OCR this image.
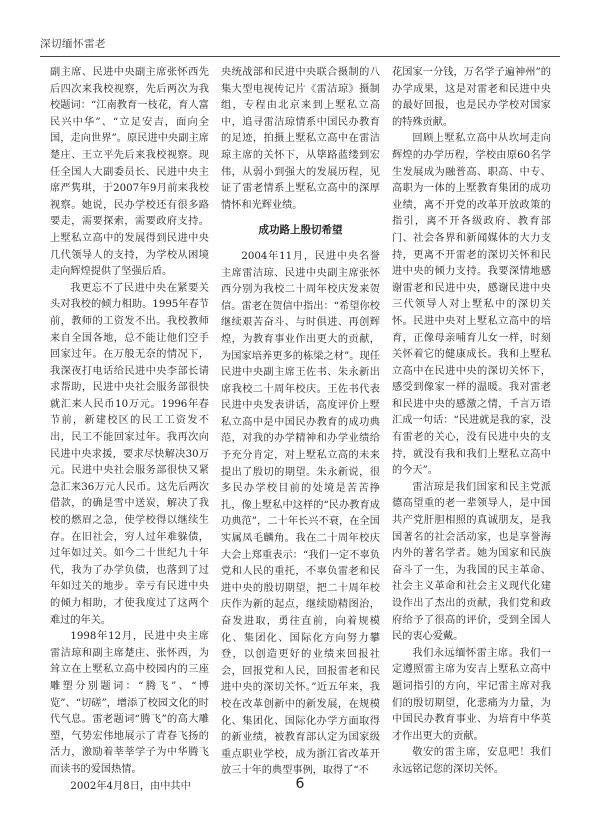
深切缅怀雷老

副主席、民进中央副主席张怀西先后四次来我校视察，先后两次为我校题词：“江南教育一枝花，育人富民兴中华”、“立足安吉，面向全国，走向世界”。原民进中央副主席楚庄、王立平先后来我校视察。现任全国人大副委员长、民进中央主席严隽琪，于2007年9月前来我校视察。她说，民办学校还有很多路要走，需要探索，需要政府支持。上墅私立高中的发展得到民进中央几代领导人的支持，为学校从困境走向辉煌提供了坚强后盾。

我更忘不了民进中央在紧要关头对我校的倾力相助。1995年春节前，教师的工资发不出。我校教师来自全国各地，总不能让他们空手回家过年。在万般无奈的情况下，我深夜打电话给民进中央李部长请求帮助，民进中央社会服务部很快就汇来人民币10万元。1996年春节前，新建校区的民工工资发不出，民工不能回家过年。我再次向民进中央求援，要求尽快解决30万元。民进中央社会服务部很快又紧急汇来36万元人民币。这先后两次借款，的确是雪中送炭，解决了我校的燃眉之急，使学校得以继续生存。在旧社会，穷人过年难躲债，过年如过关。如今二十世纪九十年代，我为了办学负债，也落到了过年如过关的地步。幸亏有民进中央的倾力相助，才使我度过了这两个难过的年关。

1998年12月，民进中央主席雷洁琼和副主席楚庄、张怀西，为耸立在上墅私立高中校园内的三座雕塑分别题词：“腾飞”、“博览”、“切磋”，增添了校园文化的时代气息。雷老题词“腾飞”的高大雕塑，气势宏伟地展示了青春飞扬的活力，激励着莘莘学子为中华腾飞而读书的爱国热情。

2002年4月8日，由中共中

央统战部和民进中央联合摄制的八集大型电视传记片《雷洁琼》摄制组，专程由北京来到上墅私立高中，追寻雷洁琼情系中国民办教育的足迹，拍摄上墅私立高中在雷洁琼主席的关怀下，从筚路蓝缕到宏伟，从弱小到强大的发展历程，见证了雷老情系上墅私立高中的深厚情怀和光辉业绩。

成功路上殷切希望

2004年11月，民进中央名誉主席雷洁琼、民进中央副主席张怀西分别为我校二十周年校庆发来贺信。雷老在贺信中指出：“希望你校继续艰苦奋斗、与时俱进、再创辉煌，为教育事业作出更大的贡献，为国家培养更多的栋梁之材”。现任民进中央副主席王佐书、朱永新出席我校二十周年校庆。王佐书代表民进中央发表讲话，高度评价上墅私立高中是中国民办教育的成功典范，对我的办学精神和办学业绩给予充分肯定，对上墅私立高的未来提出了殷切的期望。朱永新说，很多民办学校目前的处境是苦苦挣扎，像上墅私中这样的“民办教育成功典范”，二十年长兴不衰，在全国实属凤毛麟角。我在二十周年校庆大会上郑重表示：“我们一定不辜负党和人民的重托，不辜负雷老和民进中央的殷切期望，把二十周年校庆作为新的起点，继续励精图治，奋发进取，勇往直前，向着规模化、集团化、国际化方向努力攀登，以创造更好的业绩来回报社会，回报党和人民，回报雷老和民进中央的深切关怀。”近五年来，我校在改革创新中的新发展，在规模化、集团化、国际化办学方面取得的新业绩，被教育部认定为国家级重点职业学校，成为浙江省改革开放三十年的典型事例，取得了“不

花国家一分钱，万名学子遍神州”的办学成果，这是对雷老和民进中央的最好回报，也是民办学校对国家的特殊贡献。

回顾上墅私立高中从坎坷走向辉煌的办学历程，学校由原60名学生发展成为融普高、职高、中专、高职为一体的上墅教育集团的成功业绩，离不开党的改革开放政策的指引，离不开各级政府、教育部门、社会各界和新闻媒体的大力支持，更离不开雷老的深切关怀和民进中央的倾力支持。我要深情地感谢雷老和民进中央，感谢民进中央三代领导人对上墅私中的深切关怀。民进中央对上墅私立高中的培育，正像母亲哺育儿女一样，时刻关怀着它的健康成长。我和上墅私立高中在民进中央的深切关怀下，感受到像家一样的温暖。我对雷老和民进中央的感激之情，千言万语汇成一句话：“民进就是我的家，没有雷老的关心，没有民进中央的支持，就没有我和我们上墅私立高中的今天”。

雷洁琼是我们国家和民主党派德高望重的老一辈领导人，是中国共产党肝胆相照的真诚朋友，是我国著名的社会活动家，也是享誉海内外的著名学者。她为国家和民族奋斗了一生，为我国的民主革命、社会主义革命和社会主义现代化建设作出了杰出的贡献，我们党和政府给予了很高的评价，受到全国人民的衷心爱戴。

我们永远缅怀雷主席。我们一定遵照雷主席为安吉上墅私立高中题词指引的方向，牢记雷主席对我们的殷切期望，化悲痛为力量，为中国民办教育事业、为培育中华英才作出更大的贡献。

敬安的雷主席，安息吧！我们永远铭记您的深切关怀。

6
